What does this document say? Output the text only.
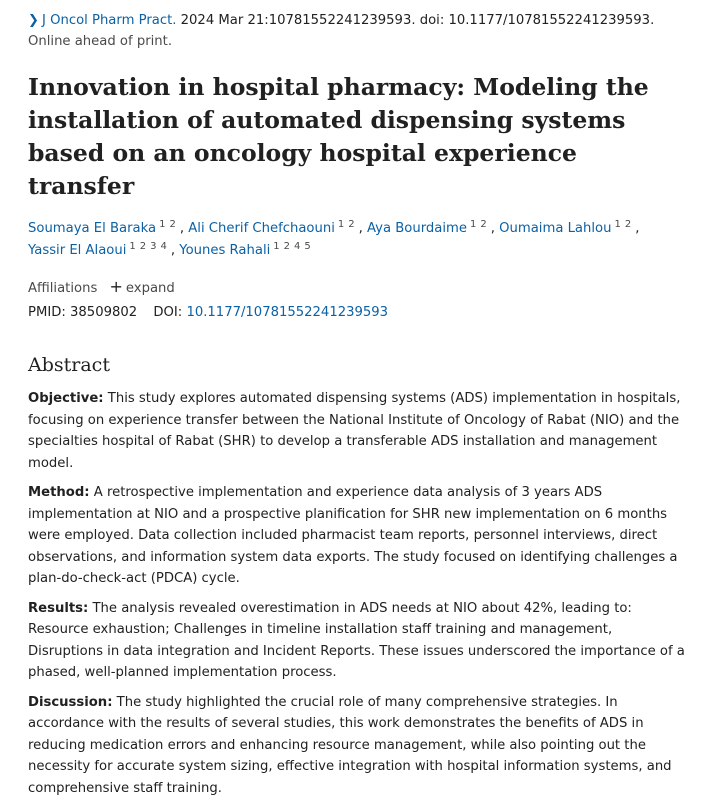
❯ J Oncol Pharm Pract. 2024 Mar 21:10781552241239593. doi: 10.1177/10781552241239593.
Online ahead of print.
Innovation in hospital pharmacy: Modeling the installation of automated dispensing systems based on an oncology hospital experience transfer
Soumaya El Baraka $^{1 2}$ , Ali Cherif Chefchaouni $^{1 2}$ , Aya Bourdaime $^{1 2}$ , Oumaima Lahlou $^{1 2}$ ,
Yassir El Alaoui $^{1 2 3 4}$ , Younes Rahali $^{1 2 4 5}$
Affiliations + expand
PMID: 38509802 DOI: 10.1177/10781552241239593
Abstract

Objective: This study explores automated dispensing systems (ADS) implementation in hospitals, focusing on experience transfer between the National Institute of Oncology of Rabat (NIO) and the specialties hospital of Rabat (SHR) to develop a transferable ADS installation and management model.

Method: A retrospective implementation and experience data analysis of 3 years ADS implementation at NIO and a prospective planification for SHR new implementation on 6 months were employed. Data collection included pharmacist team reports, personnel interviews, direct observations, and information system data exports. The study focused on identifying challenges a plan-do-check-act (PDCA) cycle.

Results: The analysis revealed overestimation in ADS needs at NIO about 42%, leading to: Resource exhaustion; Challenges in timeline installation staff training and management, Disruptions in data integration and Incident Reports. These issues underscored the importance of a phased, well-planned implementation process.

Discussion: The study highlighted the crucial role of many comprehensive strategies. In accordance with the results of several studies, this work demonstrates the benefits of ADS in reducing medication errors and enhancing resource management, while also pointing out the necessity for accurate system sizing, effective integration with hospital information systems, and comprehensive staff training.
